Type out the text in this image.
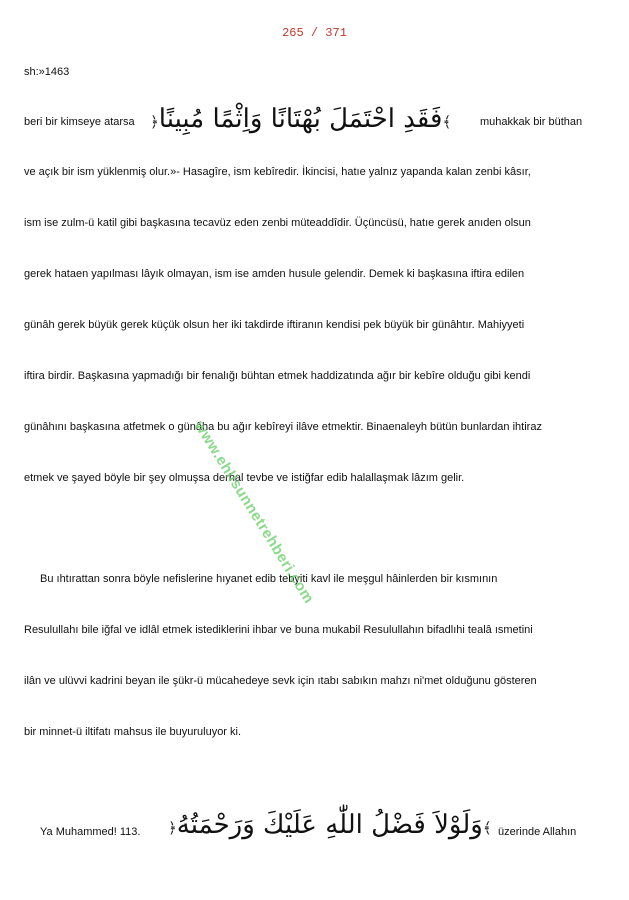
265 / 371
sh:»1463
beri bir kimseye atarsa	﴾فَقَدِ احْتَمَلَ بُهْتَانًا وَاِثْمًا مُبِينًا﴿	muhakkak bir büthan
ve açık bir ism yüklenmiş olur.»- Hasagîre, ism kebîredir. İkincisi, hatıe yalnız yapanda kalan zenbi kâsır,
ism ise zulm-ü katil gibi başkasına tecavüz eden zenbi müteaddîdir. Üçüncüsü, hatıe gerek anıden olsun
gerek hataen yapılması lâyık olmayan, ism ise amden husule gelendir. Demek ki başkasına iftira edilen
günâh gerek büyük gerek küçük olsun her iki takdirde iftiranın kendisi pek büyük bir günâhtır. Mahiyyeti
iftira birdir. Başkasına yapmadığı bir fenalığı bühtan etmek haddizatında ağır bir kebîre olduğu gibi kendi
günâhını başkasına atfetmek o günâha bu ağır kebîreyi ilâve etmektir. Binaenaleyh bütün bunlardan ihtiraz
etmek ve şayed böyle bir şey olmuşsa derhal tevbe ve istiğfar edib halallaşmak lâzım gelir.
Bu ıhtırattan sonra böyle nefislerine hıyanet edib tebyiti kavl ile meşgul hâinlerden bir kısmının
Resulullahı bile iğfal ve idlâl etmek istediklerini ihbar ve buna mukabil Resulullahın bifadlıhi tealâ ısmetini
ilân ve ulüvvi kadrini beyan ile şükr-ü mücahedeye sevk için ıtabı sabıkın mahzı ni'met olduğunu gösteren
bir minnet-ü iltifatı mahsus ile buyuruluyor ki.
Ya Muhammed! 113.	﴾وَلَوْلاَ فَضْلُ اللّٰهِ عَلَيْكَ وَرَحْمَتُهُ﴿	üzerinde Allahın
www.ehlisunnetrehberi.com
